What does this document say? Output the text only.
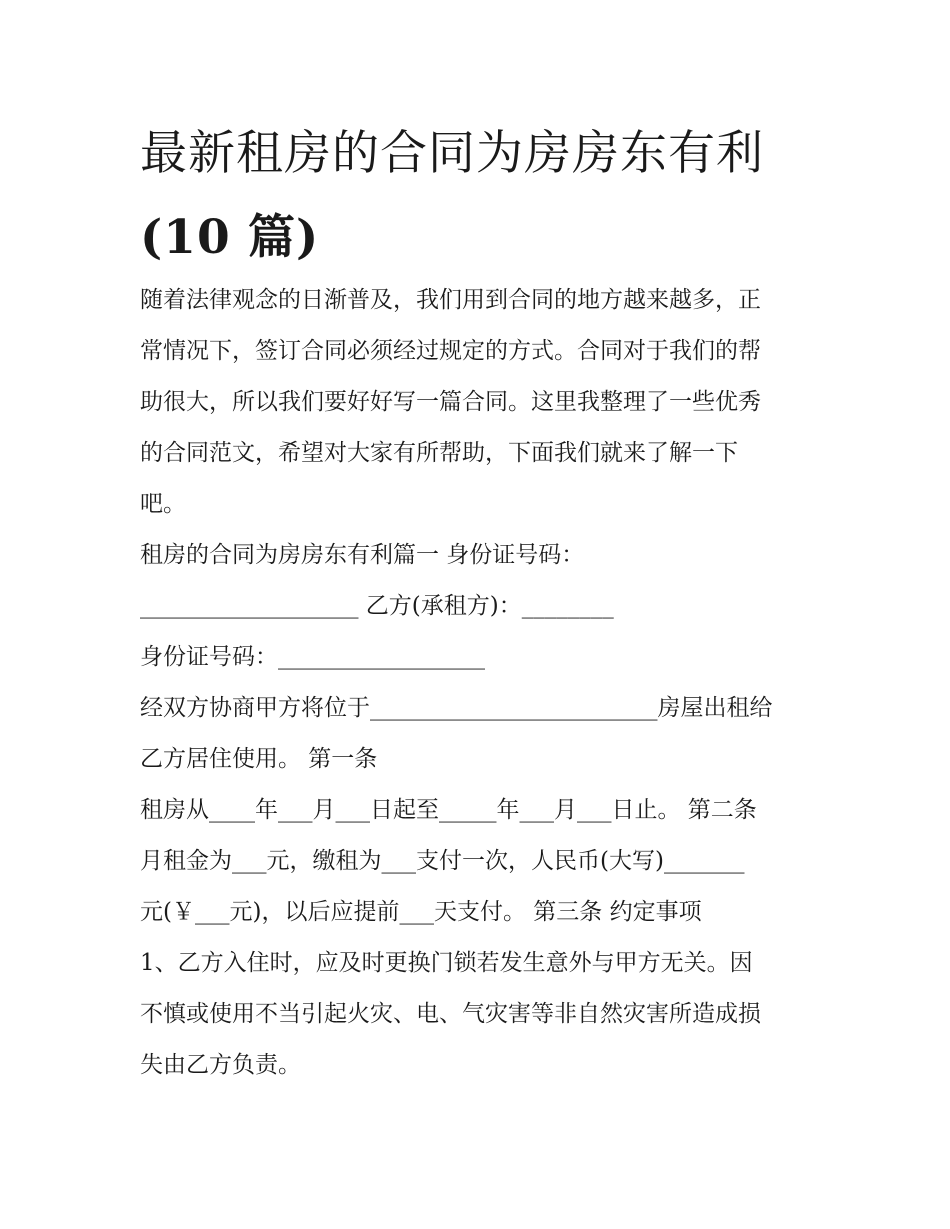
最新租房的合同为房房东有利
(10 篇)
随着法律观念的日渐普及，我们用到合同的地方越来越多，正
常情况下，签订合同必须经过规定的方式。合同对于我们的帮
助很大，所以我们要好好写一篇合同。这里我整理了一些优秀
的合同范文，希望对大家有所帮助，下面我们就来了解一下
吧。
租房的合同为房房东有利篇一 身份证号码：
___________________ 乙方(承租方)：________
身份证号码：__________________
经双方协商甲方将位于_________________________房屋出租给
乙方居住使用。 第一条
租房从____年___月___日起至_____年___月___日止。 第二条
月租金为___元，缴租为___支付一次，人民币(大写)_______
元(￥___元)，以后应提前___天支付。 第三条 约定事项
1、乙方入住时，应及时更换门锁若发生意外与甲方无关。因
不慎或使用不当引起火灾、电、气灾害等非自然灾害所造成损
失由乙方负责。
